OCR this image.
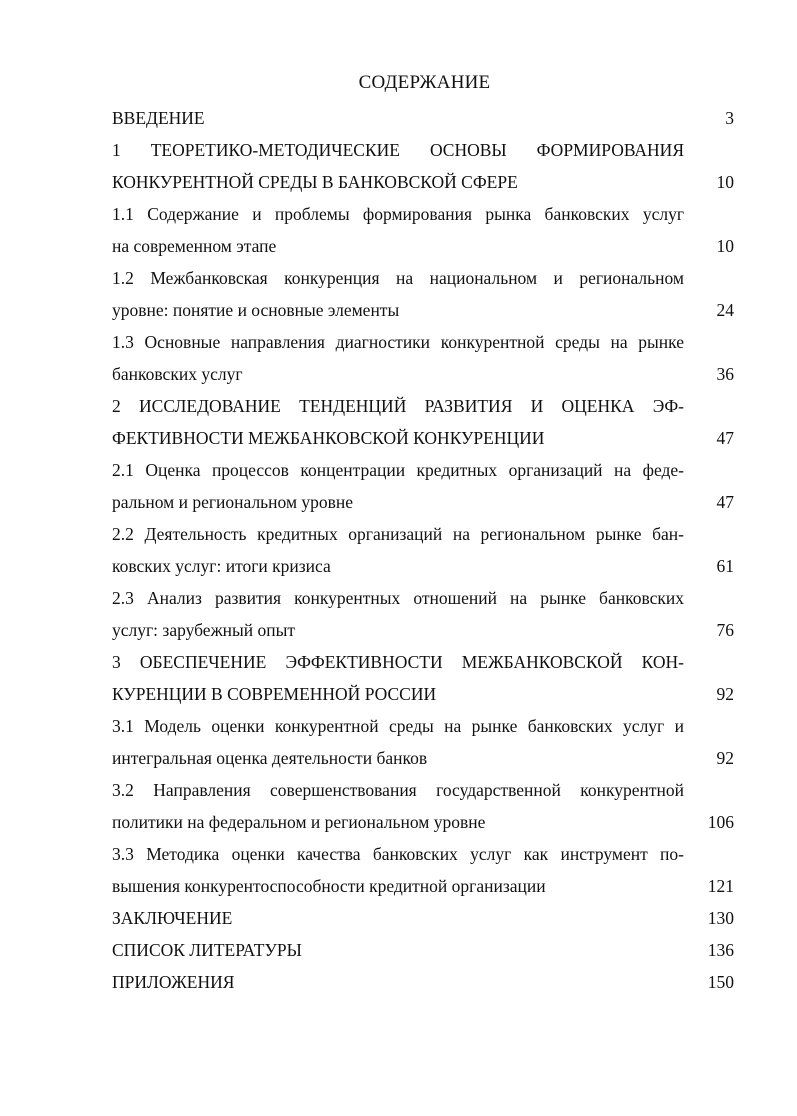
СОДЕРЖАНИЕ
ВВЕДЕНИЕ	3
1 ТЕОРЕТИКО-МЕТОДИЧЕСКИЕ ОСНОВЫ ФОРМИРОВАНИЯ
КОНКУРЕНТНОЙ СРЕДЫ В БАНКОВСКОЙ СФЕРЕ	10
1.1 Содержание и проблемы формирования рынка банковских услуг
на современном этапе	10
1.2 Межбанковская конкуренция на национальном и региональном
уровне: понятие и основные элементы	24
1.3 Основные направления диагностики конкурентной среды на рынке
банковских услуг	36
2 ИССЛЕДОВАНИЕ ТЕНДЕНЦИЙ РАЗВИТИЯ И ОЦЕНКА ЭФ-
ФЕКТИВНОСТИ МЕЖБАНКОВСКОЙ КОНКУРЕНЦИИ	47
2.1 Оценка процессов концентрации кредитных организаций на феде-
ральном и региональном уровне	47
2.2 Деятельность кредитных организаций на региональном рынке бан-
ковских услуг: итоги кризиса	61
2.3 Анализ развития конкурентных отношений на рынке банковских
услуг: зарубежный опыт	76
3 ОБЕСПЕЧЕНИЕ ЭФФЕКТИВНОСТИ МЕЖБАНКОВСКОЙ КОН-
КУРЕНЦИИ В СОВРЕМЕННОЙ РОССИИ	92
3.1 Модель оценки конкурентной среды на рынке банковских услуг и
интегральная оценка деятельности банков	92
3.2 Направления совершенствования государственной конкурентной
политики на федеральном и региональном уровне	106
3.3 Методика оценки качества банковских услуг как инструмент по-
вышения конкурентоспособности кредитной организации	121
ЗАКЛЮЧЕНИЕ	130
СПИСОК ЛИТЕРАТУРЫ	136
ПРИЛОЖЕНИЯ	150
